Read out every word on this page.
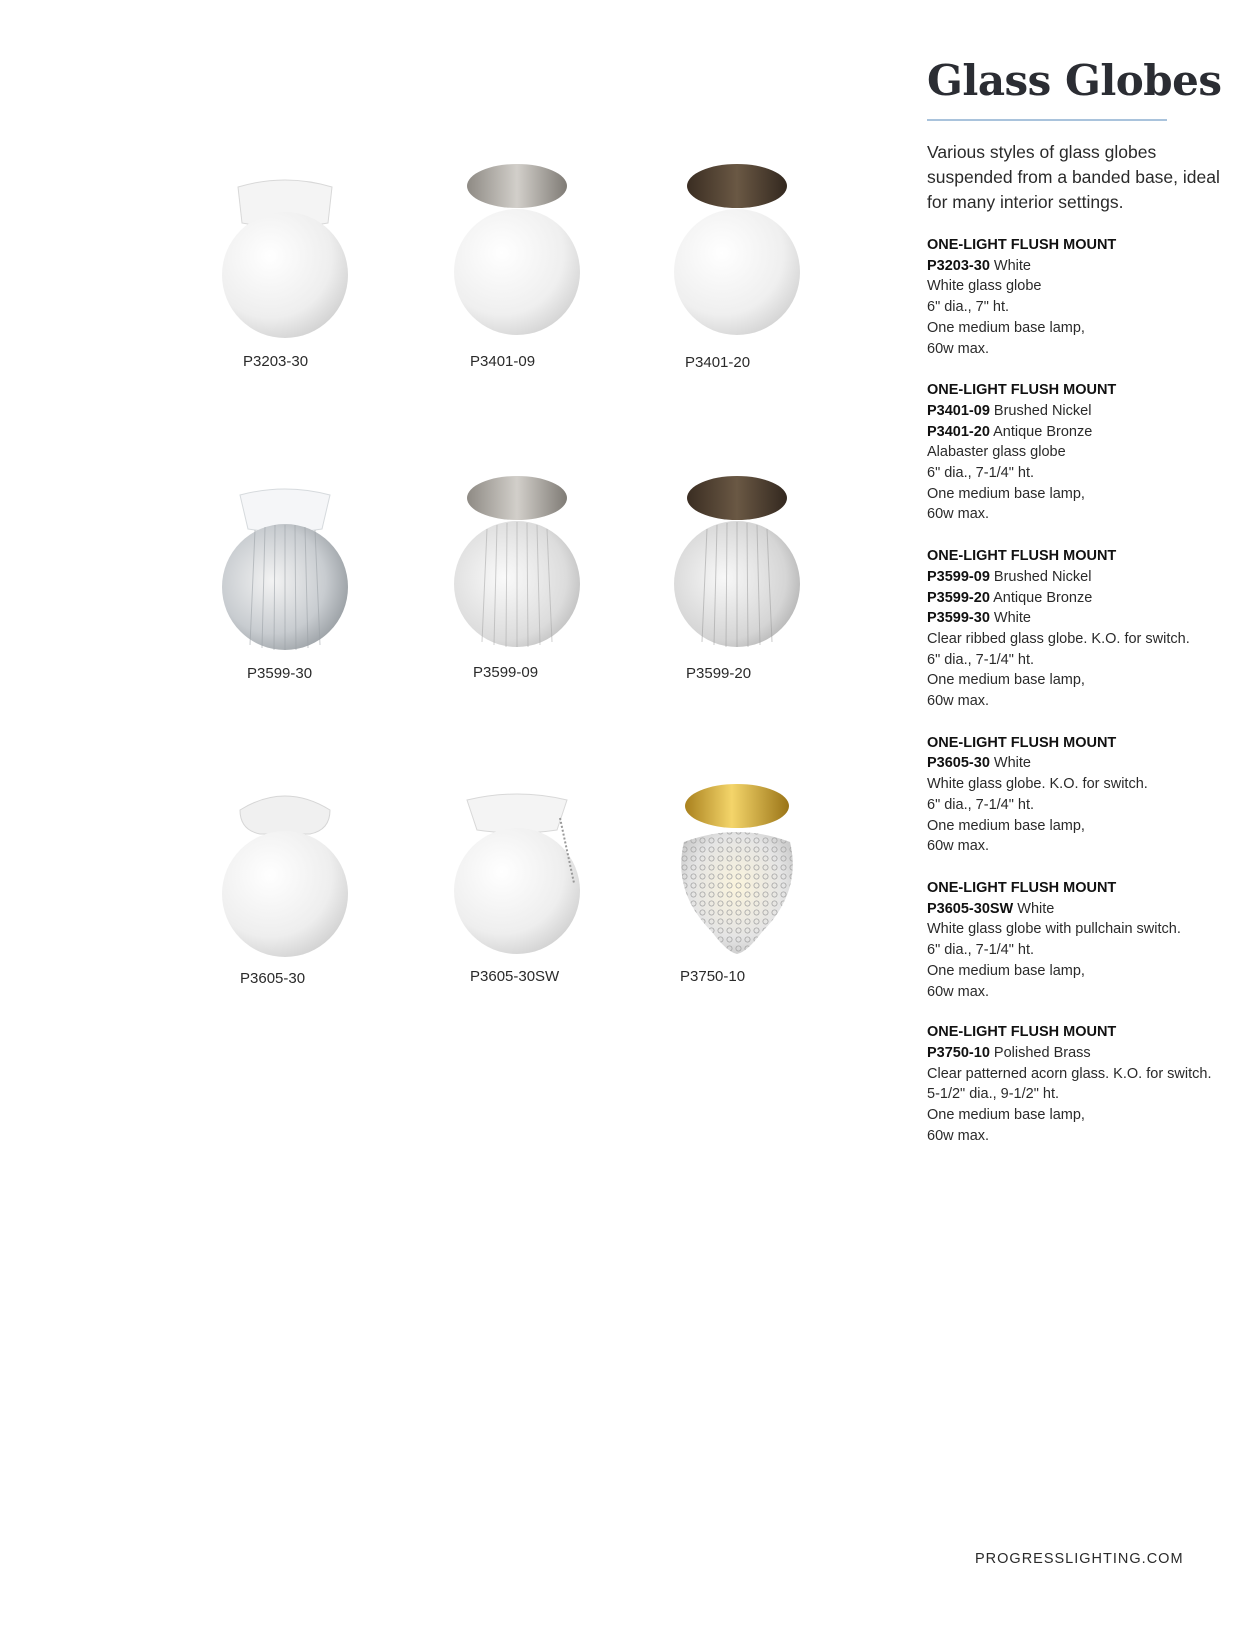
P3203-30	P3401-09	P3401-20
P3599-30	P3599-09	P3599-20
P3605-30	P3605-30SW	P3750-10
Glass Globes
Various styles of glass globes suspended from a banded base, ideal for many interior settings.
ONE-LIGHT FLUSH MOUNT
P3203-30 White
White glass globe
6" dia., 7" ht.
One medium base lamp,
60w max.
ONE-LIGHT FLUSH MOUNT
P3401-09 Brushed Nickel
P3401-20 Antique Bronze
Alabaster glass globe
6" dia., 7-1/4" ht.
One medium base lamp,
60w max.
ONE-LIGHT FLUSH MOUNT
P3599-09 Brushed Nickel
P3599-20 Antique Bronze
P3599-30 White
Clear ribbed glass globe. K.O. for switch.
6" dia., 7-1/4" ht.
One medium base lamp,
60w max.
ONE-LIGHT FLUSH MOUNT
P3605-30 White
White glass globe. K.O. for switch.
6" dia., 7-1/4" ht.
One medium base lamp,
60w max.
ONE-LIGHT FLUSH MOUNT
P3605-30SW White
White glass globe with pullchain switch.
6" dia., 7-1/4" ht.
One medium base lamp,
60w max.
ONE-LIGHT FLUSH MOUNT
P3750-10 Polished Brass
Clear patterned acorn glass. K.O. for switch.
5-1/2" dia., 9-1/2" ht.
One medium base lamp,
60w max.
PROGRESSLIGHTING.COM
